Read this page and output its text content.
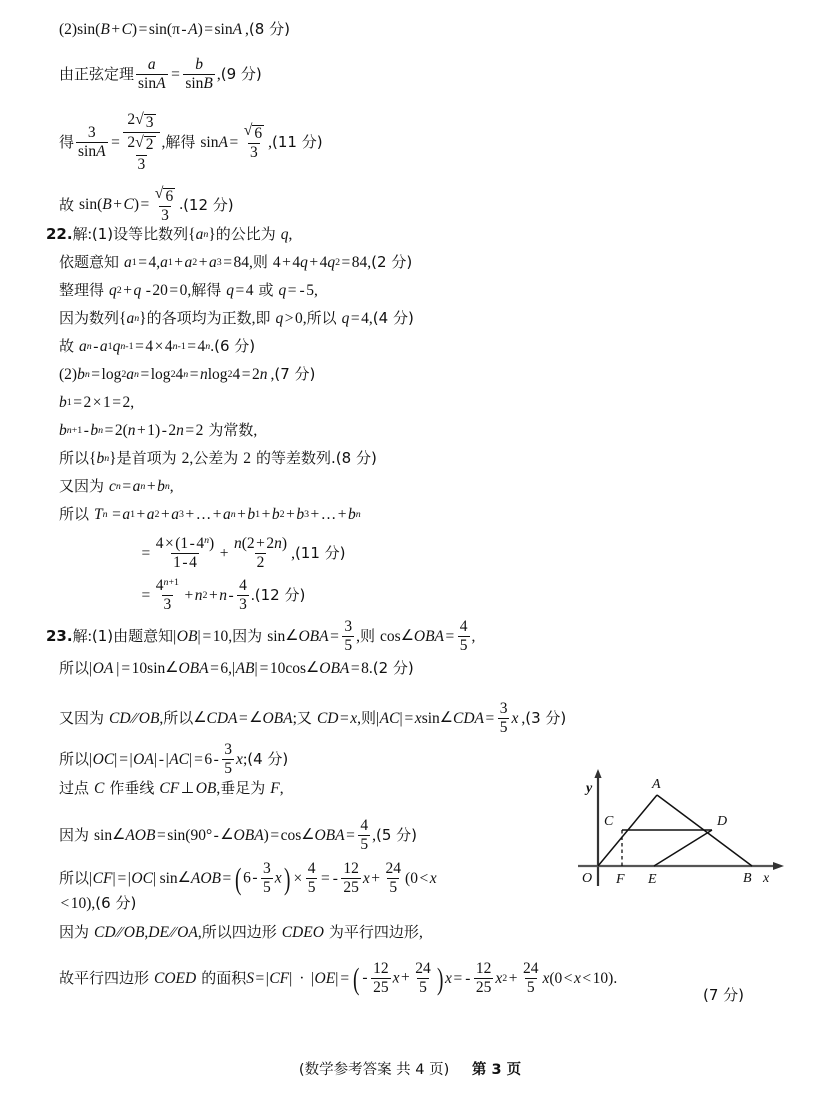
(2) sin ( B + C ) = sin ( π - A ) = sin A , (8 分)
由正弦定理 $\frac{a}{\sin A} = \frac{b}{\sin B}$ , (9 分)
得 $\frac{3}{\sin A} = \frac{2 √ 3}{\frac{2 √ 2}{3}}$ , 解得 $\sin A = \frac{√ 6}{3}$ , (11 分)
故 sin ( B + C ) = $\frac{√ 6}{3}$ . (12 分)
22. 解 : (1)设等比数列 { a n } 的公比为 q ,
依题意知 a 1 = 4 , a 1 + a 2 + a 3 = 84 , 则 4 + 4 q + 4 q 2 = 84 , (2 分)
整理得 q 2 + q - 20 = 0 , 解得 q = 4 或 q = - 5 ,
因为数列 { a n } 的各项均为正数 , 即 q > 0 , 所以 q = 4 , (4 分)
故 a n - a 1 q n -1 = 4 × 4 n -1 = 4 n . (6 分)
(2) b n = log 2 a n = log 2 4 n = n log 2 4 = 2 n , (7 分)
b 1 = 2 × 1 = 2 ,
b n +1 - b n = 2 ( n + 1 ) - 2 n = 2 为常数 ,
所以 { b n } 是首项为 2 , 公差为 2 的等差数列.(8 分)
又因为 c n = a n + b n ,
所以 T n = a 1 + a 2 + a 3 + … + a n + b 1 + b 2 + b 3 + … + b n
= $\frac{4\times(1-4^n)}{1-4} + \frac{n(2+2n)}{2}$ , (11 分)
= $\frac{4^{n+1}}{3} + n$ $2 + n - \frac{4}{3}$ . (12 分)
23. 解 : (1)由题意知 | OB | = 10 , 因为 sin ∠ OBA = $\frac{3}{5}$ , 则 cos ∠ OBA = $\frac{4}{5}$ ,
所以 | OA | = 10 sin ∠ OBA = 6 , | AB | = 10 cos ∠ OBA = 8 . (2 分)
又因为 CD ∕∕ OB , 所以 ∠ CDA = ∠ OBA ; 又 CD = x , 则 | AC | = x sin ∠ CDA = $\frac{3}{5}$ x , (3 分)
所以 | OC | = | OA | - | AC | = $6 - \frac{3}{5}$ x ; (4 分)
过点 C 作垂线 CF ⊥ OB , 垂足为 F ,
因为 sin ∠ AOB = sin( 90 ° - ∠ OBA ) = cos ∠ OBA = $\frac{4}{5}$ , (5 分)
所以 | CF | = | OC | sin ∠ AOB = ( $6- \frac{3}{5}$ x ) × $\frac{4}{5}$ = - $\frac{12}{25}$ $x + \frac{24}{5}$ ( 0 < x
< 10 ) , (6 分)
因为 CD ∕∕ OB , DE ∕∕ OA , 所以四边形 CDEO 为平行四边形 ,
故平行四边形 COED 的面积 S = | CF | · | OE | = ( - $\frac{12}{25} x+ \frac{24}{5}$ ) x = - $\frac{12}{25}$ x $2 + \frac{24}{5}$ x ( 0 < x < 10 ) .
(7 分)
y
x
O F E	B
C
A
D
(数学参考答案 共 4 页) 第 3 页
